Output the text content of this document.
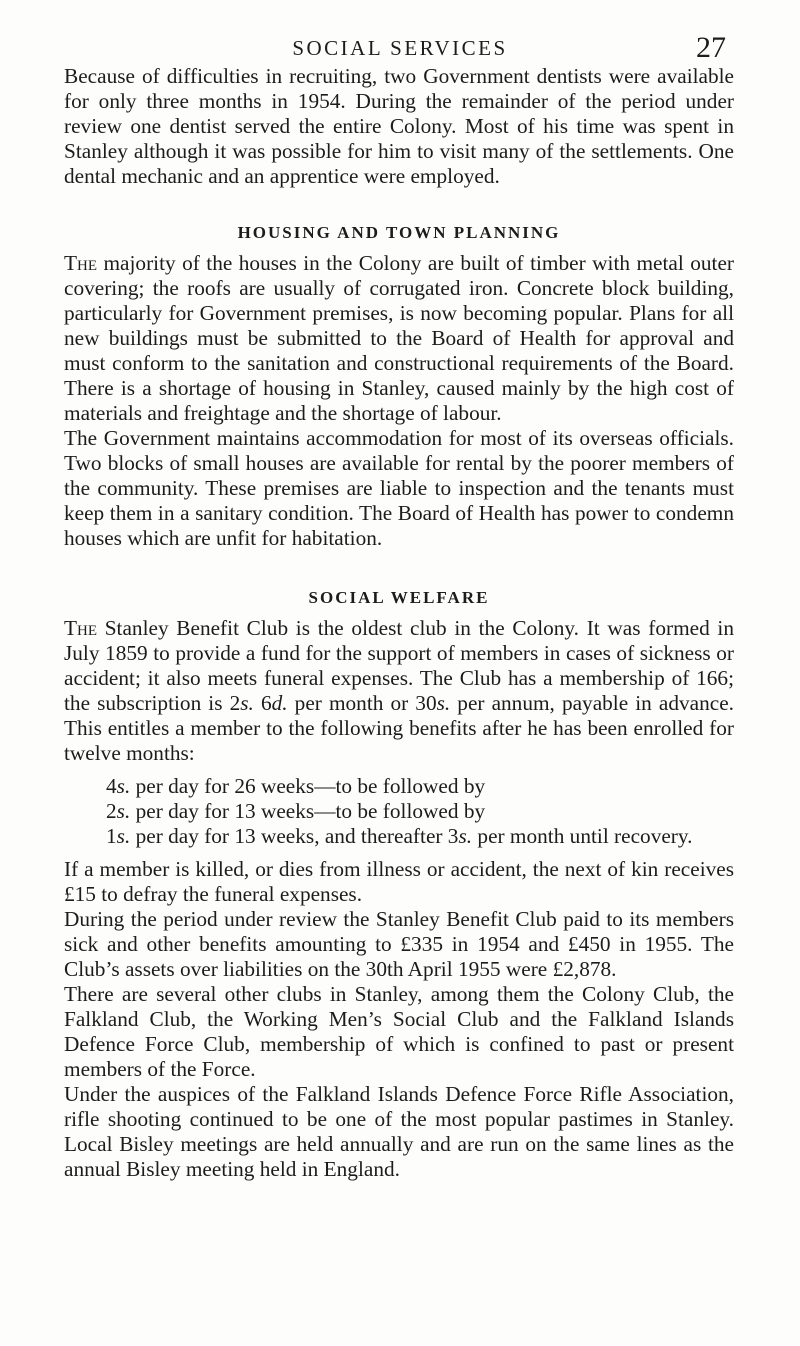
SOCIAL SERVICES	27

Because of difficulties in recruiting, two Government dentists were available for only three months in 1954. During the remainder of the period under review one dentist served the entire Colony. Most of his time was spent in Stanley although it was possible for him to visit many of the settlements. One dental mechanic and an apprentice were employed.

HOUSING AND TOWN PLANNING

The majority of the houses in the Colony are built of timber with metal outer covering; the roofs are usually of corrugated iron. Concrete block building, particularly for Government premises, is now becoming popular. Plans for all new buildings must be submitted to the Board of Health for approval and must conform to the sanitation and constructional requirements of the Board. There is a shortage of housing in Stanley, caused mainly by the high cost of materials and freightage and the shortage of labour.

The Government maintains accommodation for most of its overseas officials. Two blocks of small houses are available for rental by the poorer members of the community. These premises are liable to inspection and the tenants must keep them in a sanitary condition. The Board of Health has power to condemn houses which are unfit for habitation.

SOCIAL WELFARE

The Stanley Benefit Club is the oldest club in the Colony. It was formed in July 1859 to provide a fund for the support of members in cases of sickness or accident; it also meets funeral expenses. The Club has a membership of 166; the subscription is 2s. 6d. per month or 30s. per annum, payable in advance. This entitles a member to the following benefits after he has been enrolled for twelve months:

4s. per day for 26 weeks—to be followed by
2s. per day for 13 weeks—to be followed by
1s. per day for 13 weeks, and thereafter 3s. per month until recovery.

If a member is killed, or dies from illness or accident, the next of kin receives £15 to defray the funeral expenses.

During the period under review the Stanley Benefit Club paid to its members sick and other benefits amounting to £335 in 1954 and £450 in 1955. The Club’s assets over liabilities on the 30th April 1955 were £2,878.

There are several other clubs in Stanley, among them the Colony Club, the Falkland Club, the Working Men’s Social Club and the Falkland Islands Defence Force Club, membership of which is confined to past or present members of the Force.

Under the auspices of the Falkland Islands Defence Force Rifle Association, rifle shooting continued to be one of the most popular pastimes in Stanley. Local Bisley meetings are held annually and are run on the same lines as the annual Bisley meeting held in England.
